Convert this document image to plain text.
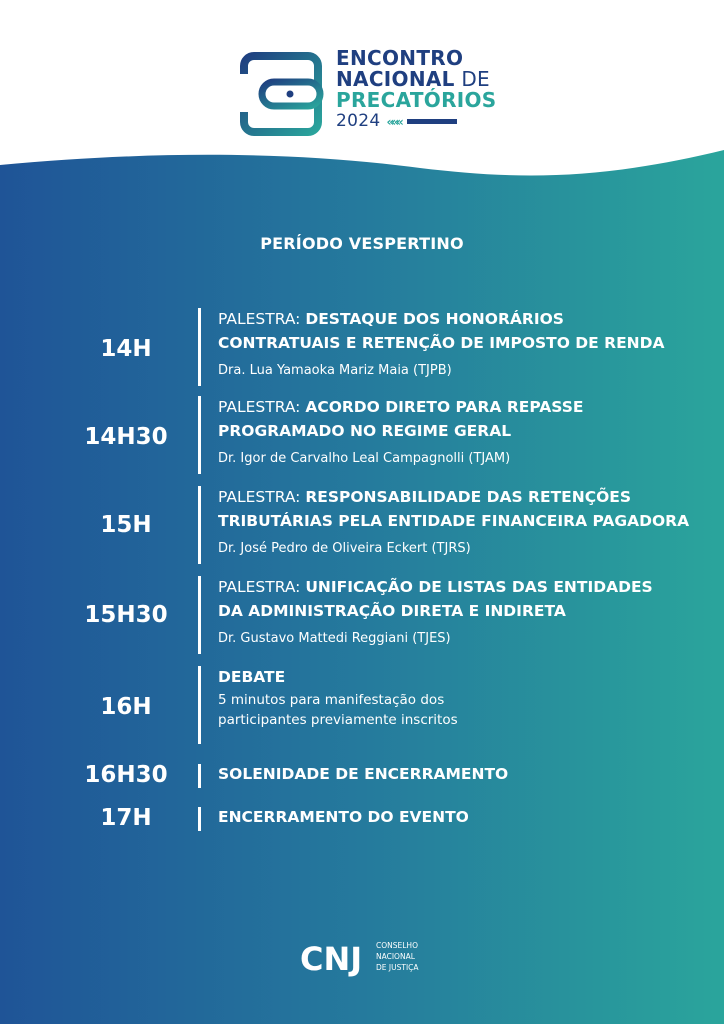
ENCONTRO
NACIONAL DE
PRECATÓRIOS
2024 «««
PERÍODO VESPERTINO
14H
PALESTRA: DESTAQUE DOS HONORÁRIOS
CONTRATUAIS E RETENÇÃO DE IMPOSTO DE RENDA
Dra. Lua Yamaoka Mariz Maia (TJPB)
14H30
PALESTRA: ACORDO DIRETO PARA REPASSE
PROGRAMADO NO REGIME GERAL
Dr. Igor de Carvalho Leal Campagnolli (TJAM)
15H
PALESTRA: RESPONSABILIDADE DAS RETENÇÕES
TRIBUTÁRIAS PELA ENTIDADE FINANCEIRA PAGADORA
Dr. José Pedro de Oliveira Eckert (TJRS)
15H30
PALESTRA: UNIFICAÇÃO DE LISTAS DAS ENTIDADES
DA ADMINISTRAÇÃO DIRETA E INDIRETA
Dr. Gustavo Mattedi Reggiani (TJES)
16H
DEBATE
5 minutos para manifestação dos
participantes previamente inscritos
16H30	SOLENIDADE DE ENCERRAMENTO
17H	ENCERRAMENTO DO EVENTO
CNJ CONSELHO
NACIONAL
DE JUSTIÇA
